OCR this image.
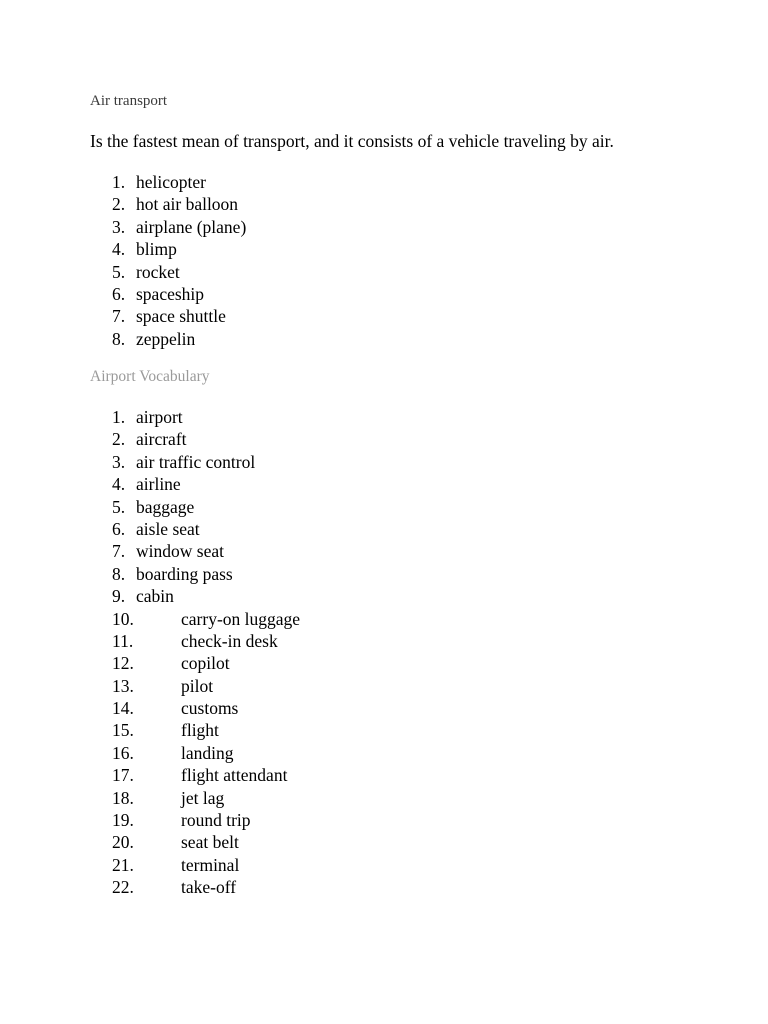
Air transport

Is the fastest mean of transport, and it consists of a vehicle traveling by air.

1. helicopter
2. hot air balloon
3. airplane (plane)
4. blimp
5. rocket
6. spaceship
7. space shuttle
8. zeppelin
Airport Vocabulary
1. airport
2. aircraft
3. air traffic control
4. airline
5. baggage
6. aisle seat
7. window seat
8. boarding pass
9. cabin
10.	carry-on luggage
11.	check-in desk
12.	copilot
13.	pilot
14.	customs
15.	flight
16.	landing
17.	flight attendant
18.	jet lag
19.	round trip
20.	seat belt
21.	terminal
22.	take-off
